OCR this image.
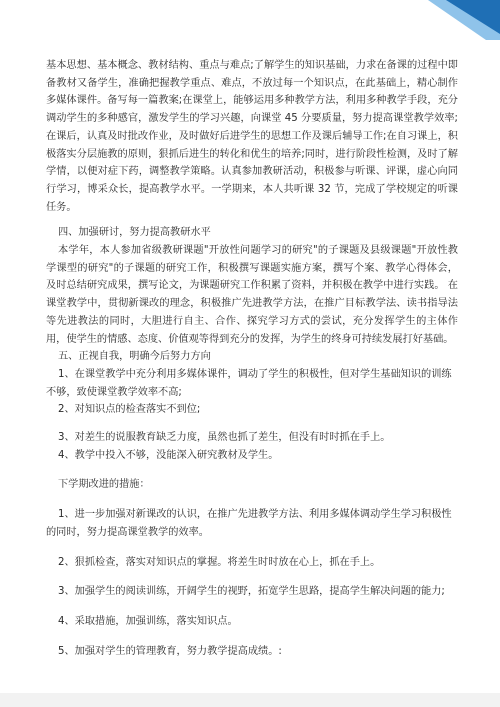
基本思想、基本概念、教材结构、重点与难点;了解学生的知识基础，力求在备课的过程中即备教材又备学生，准确把握教学重点、难点，不放过每一个知识点，在此基础上，精心制作多媒体课件。备写每一篇教案;在课堂上，能够运用多种教学方法，利用多种教学手段，充分调动学生的多种感官，激发学生的学习兴趣，向课堂 45 分要质量，努力提高课堂教学效率;在课后，认真及时批改作业，及时做好后进学生的思想工作及课后辅导工作;在自习课上，积极落实分层施教的原则，狠抓后进生的转化和优生的培养;同时，进行阶段性检测，及时了解学情，以便对症下药，调整教学策略。认真参加教研活动，积极参与听课、评课，虚心向同行学习，博采众长，提高教学水平。一学期来，本人共听课 32 节，完成了学校规定的听课任务。
四、加强研讨，努力提高教研水平
本学年，本人参加省级教研课题"开放性问题学习的研究"的子课题及县级课题"开放性教学课型的研究"的子课题的研究工作，积极撰写课题实施方案，撰写个案、教学心得体会，及时总结研究成果，撰写论文，为课题研究工作积累了资料，并积极在教学中进行实践。 在课堂教学中，贯彻新课改的理念，积极推广先进教学方法，在推广目标教学法、读书指导法等先进教法的同时，大胆进行自主、合作、探究学习方式的尝试，充分发挥学生的主体作用，使学生的情感、态度、价值观等得到充分的发挥，为学生的终身可持续发展打好基础。
五、正视自我，明确今后努力方向
1、在课堂教学中充分利用多媒体课件，调动了学生的积极性，但对学生基础知识的训练不够，致使课堂教学效率不高;
2、对知识点的检查落实不到位;
3、对差生的说服教育缺乏力度，虽然也抓了差生，但没有时时抓在手上。
4、教学中投入不够，没能深入研究教材及学生。
下学期改进的措施：
1、进一步加强对新课改的认识，在推广先进教学方法、利用多媒体调动学生学习积极性的同时，努力提高课堂教学的效率。
2、狠抓检查，落实对知识点的掌握。将差生时时放在心上，抓在手上。
3、加强学生的阅读训练，开阔学生的视野，拓宽学生思路，提高学生解决问题的能力;
4、采取措施，加强训练，落实知识点。
5、加强对学生的管理教育，努力教学提高成绩。:
